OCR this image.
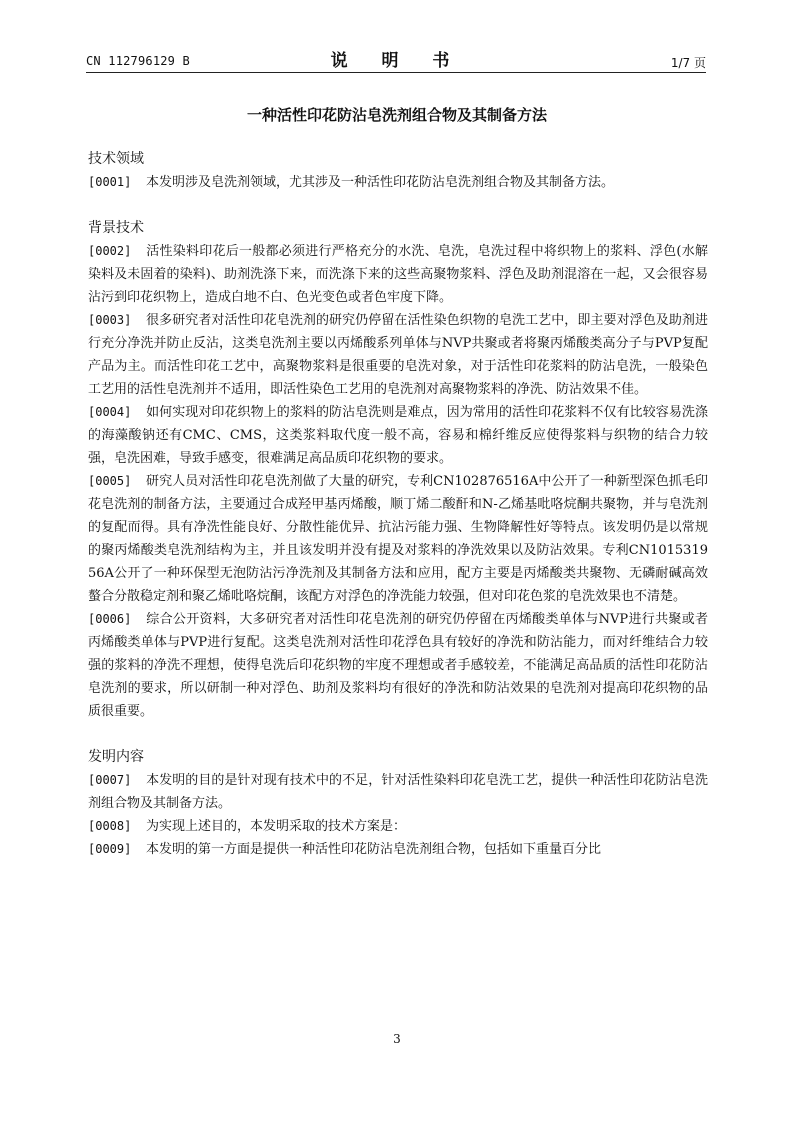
CN 112796129 B	说 明 书	1/7 页
一种活性印花防沾皂洗剂组合物及其制备方法

技术领域

[0001] 本发明涉及皂洗剂领域，尤其涉及一种活性印花防沾皂洗剂组合物及其制备方法。

背景技术

[0002] 活性染料印花后一般都必须进行严格充分的水洗、皂洗，皂洗过程中将织物上的浆料、浮色(水解染料及未固着的染料)、助剂洗涤下来，而洗涤下来的这些高聚物浆料、浮色及助剂混溶在一起，又会很容易沾污到印花织物上，造成白地不白、色光变色或者色牢度下降。

[0003] 很多研究者对活性印花皂洗剂的研究仍停留在活性染色织物的皂洗工艺中，即主要对浮色及助剂进行充分净洗并防止反沾，这类皂洗剂主要以丙烯酸系列单体与NVP共聚或者将聚丙烯酸类高分子与PVP复配产品为主。而活性印花工艺中，高聚物浆料是很重要的皂洗对象，对于活性印花浆料的防沾皂洗，一般染色工艺用的活性皂洗剂并不适用，即活性染色工艺用的皂洗剂对高聚物浆料的净洗、防沾效果不佳。

[0004] 如何实现对印花织物上的浆料的防沾皂洗则是难点，因为常用的活性印花浆料不仅有比较容易洗涤的海藻酸钠还有CMC、CMS，这类浆料取代度一般不高，容易和棉纤维反应使得浆料与织物的结合力较强，皂洗困难，导致手感变，很难满足高品质印花织物的要求。

[0005] 研究人员对活性印花皂洗剂做了大量的研究，专利CN102876516A中公开了一种新型深色抓毛印花皂洗剂的制备方法，主要通过合成羟甲基丙烯酸，顺丁烯二酸酐和N-乙烯基吡咯烷酮共聚物，并与皂洗剂的复配而得。具有净洗性能良好、分散性能优异、抗沾污能力强、生物降解性好等特点。该发明仍是以常规的聚丙烯酸类皂洗剂结构为主，并且该发明并没有提及对浆料的净洗效果以及防沾效果。专利CN101531956A公开了一种环保型无泡防沾污净洗剂及其制备方法和应用，配方主要是丙烯酸类共聚物、无磷耐碱高效螯合分散稳定剂和聚乙烯吡咯烷酮，该配方对浮色的净洗能力较强，但对印花色浆的皂洗效果也不清楚。

[0006] 综合公开资料，大多研究者对活性印花皂洗剂的研究仍停留在丙烯酸类单体与NVP进行共聚或者丙烯酸类单体与PVP进行复配。这类皂洗剂对活性印花浮色具有较好的净洗和防沾能力，而对纤维结合力较强的浆料的净洗不理想，使得皂洗后印花织物的牢度不理想或者手感较差，不能满足高品质的活性印花防沾皂洗剂的要求，所以研制一种对浮色、助剂及浆料均有很好的净洗和防沾效果的皂洗剂对提高印花织物的品质很重要。

发明内容

[0007] 本发明的目的是针对现有技术中的不足，针对活性染料印花皂洗工艺，提供一种活性印花防沾皂洗剂组合物及其制备方法。

[0008] 为实现上述目的，本发明采取的技术方案是：

[0009] 本发明的第一方面是提供一种活性印花防沾皂洗剂组合物，包括如下重量百分比

3
